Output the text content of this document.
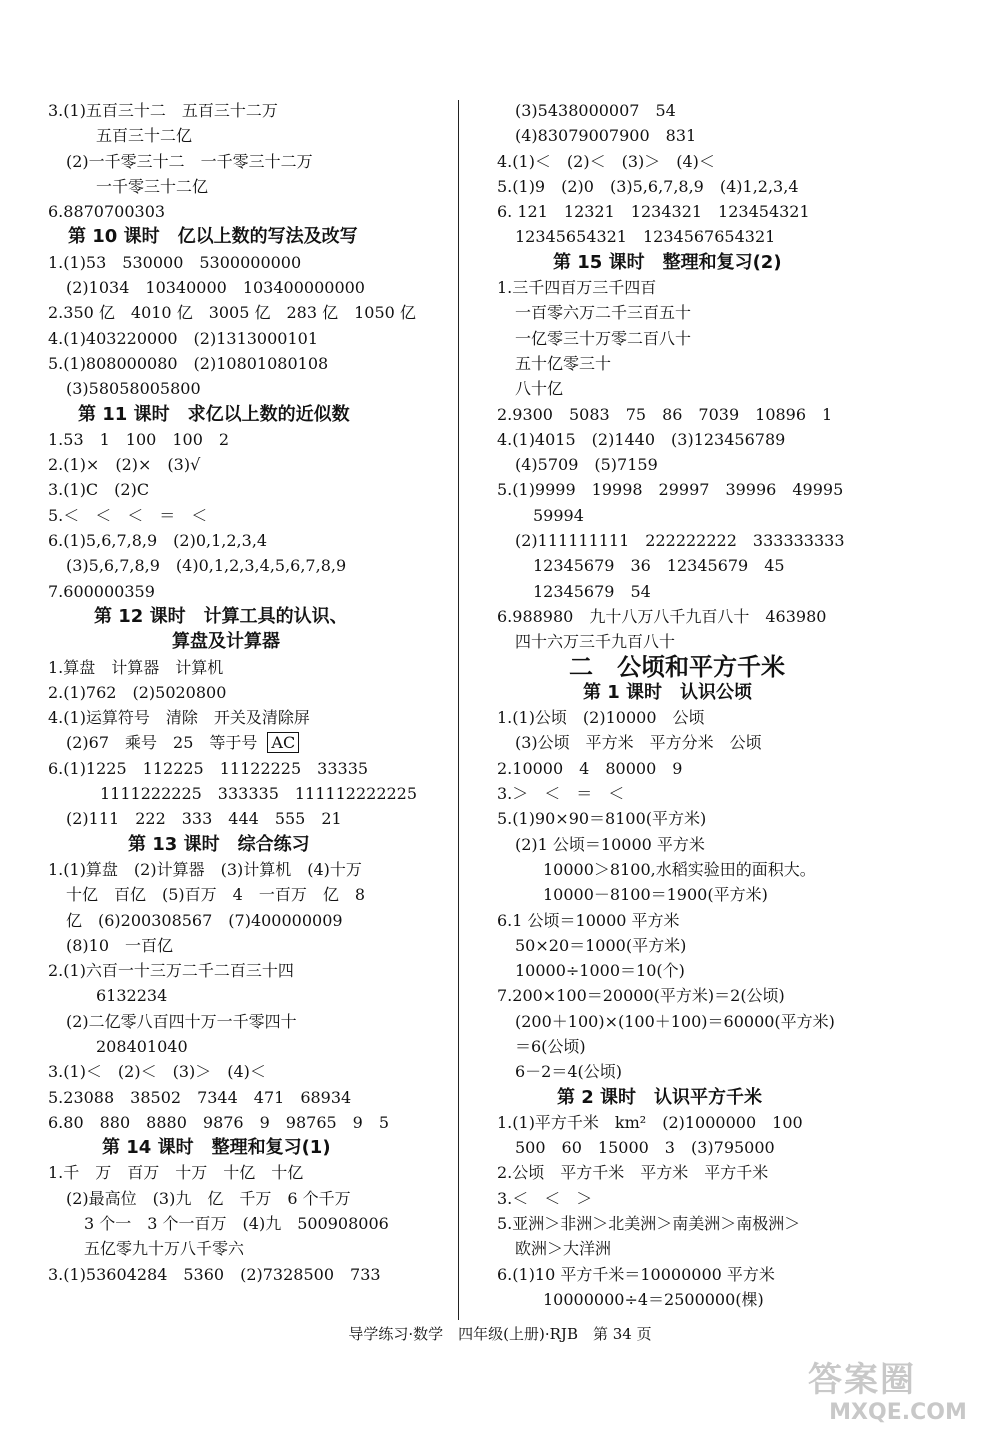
3.(1)五百三十二　五百三十二万
五百三十二亿
(2)一千零三十二　一千零三十二万
一千零三十二亿
6.8870700303
第 10 课时　亿以上数的写法及改写
1.(1)53　530000　5300000000
(2)1034　10340000　103400000000
2.350 亿　4010 亿　3005 亿　283 亿　1050 亿
4.(1)403220000　(2)1313000101
5.(1)808000080　(2)10801080108
(3)58058005800
第 11 课时　求亿以上数的近似数
1.53　1　100　100　2
2.(1)×　(2)×　(3)√
3.(1)C　(2)C
5.＜　＜　＜　＝　＜
6.(1)5,6,7,8,9　(2)0,1,2,3,4
(3)5,6,7,8,9　(4)0,1,2,3,4,5,6,7,8,9
7.600000359
第 12 课时　计算工具的认识、
算盘及计算器
1.算盘　计算器　计算机
2.(1)762　(2)5020800
4.(1)运算符号　清除　开关及清除屏
(2)67　乘号　25　等于号 AC
6.(1)1225　112225　11122225　33335
1111222225　333335　111112222225
(2)111　222　333　444　555　21
第 13 课时　综合练习
1.(1)算盘　(2)计算器　(3)计算机　(4)十万
十亿　百亿　(5)百万　4　一百万　亿　8
亿　(6)200308567　(7)400000009
(8)10　一百亿
2.(1)六百一十三万二千二百三十四
6132234
(2)二亿零八百四十万一千零四十
208401040
3.(1)＜　(2)＜　(3)＞　(4)＜
5.23088　38502　7344　471　68934
6.80　880　8880　9876　9　98765　9　5
第 14 课时　整理和复习(1)
1.千　万　百万　十万　十亿　十亿
(2)最高位　(3)九　亿　千万　6 个千万
3 个一　3 个一百万　(4)九　500908006
五亿零九十万八千零六
3.(1)53604284　5360　(2)7328500　733
(3)5438000007　54
(4)83079007900　831
4.(1)＜　(2)＜　(3)＞　(4)＜
5.(1)9　(2)0　(3)5,6,7,8,9　(4)1,2,3,4
6. 121　12321　1234321　123454321
12345654321　1234567654321
第 15 课时　整理和复习(2)
1.三千四百万三千四百
一百零六万二千三百五十
一亿零三十万零二百八十
五十亿零三十
八十亿
2.9300　5083　75　86　7039　10896　1
4.(1)4015　(2)1440　(3)123456789
(4)5709　(5)7159
5.(1)9999　19998　29997　39996　49995
59994
(2)111111111　222222222　333333333
12345679　36　12345679　45
12345679　54
6.988980　九十八万八千九百八十　463980
四十六万三千九百八十
二　公顷和平方千米
第 1 课时　认识公顷
1.(1)公顷　(2)10000　公顷
(3)公顷　平方米　平方分米　公顷
2.10000　4　80000　9
3.＞　＜　＝　＜
5.(1)90×90＝8100(平方米)
(2)1 公顷＝10000 平方米
10000＞8100,水稻实验田的面积大。
10000－8100＝1900(平方米)
6.1 公顷＝10000 平方米
50×20＝1000(平方米)
10000÷1000＝10(个)
7.200×100＝20000(平方米)＝2(公顷)
(200＋100)×(100＋100)＝60000(平方米)
＝6(公顷)
6－2＝4(公顷)
第 2 课时　认识平方千米
1.(1)平方千米　km²　(2)1000000　100
500　60　15000　3　(3)795000
2.公顷　平方千米　平方米　平方千米
3.＜　＜　＞
5.亚洲＞非洲＞北美洲＞南美洲＞南极洲＞
欧洲＞大洋洲
6.(1)10 平方千米＝10000000 平方米
10000000÷4＝2500000(棵)
导学练习·数学　四年级(上册)·RJB　第 34 页
答案圈
MXQE.COM
